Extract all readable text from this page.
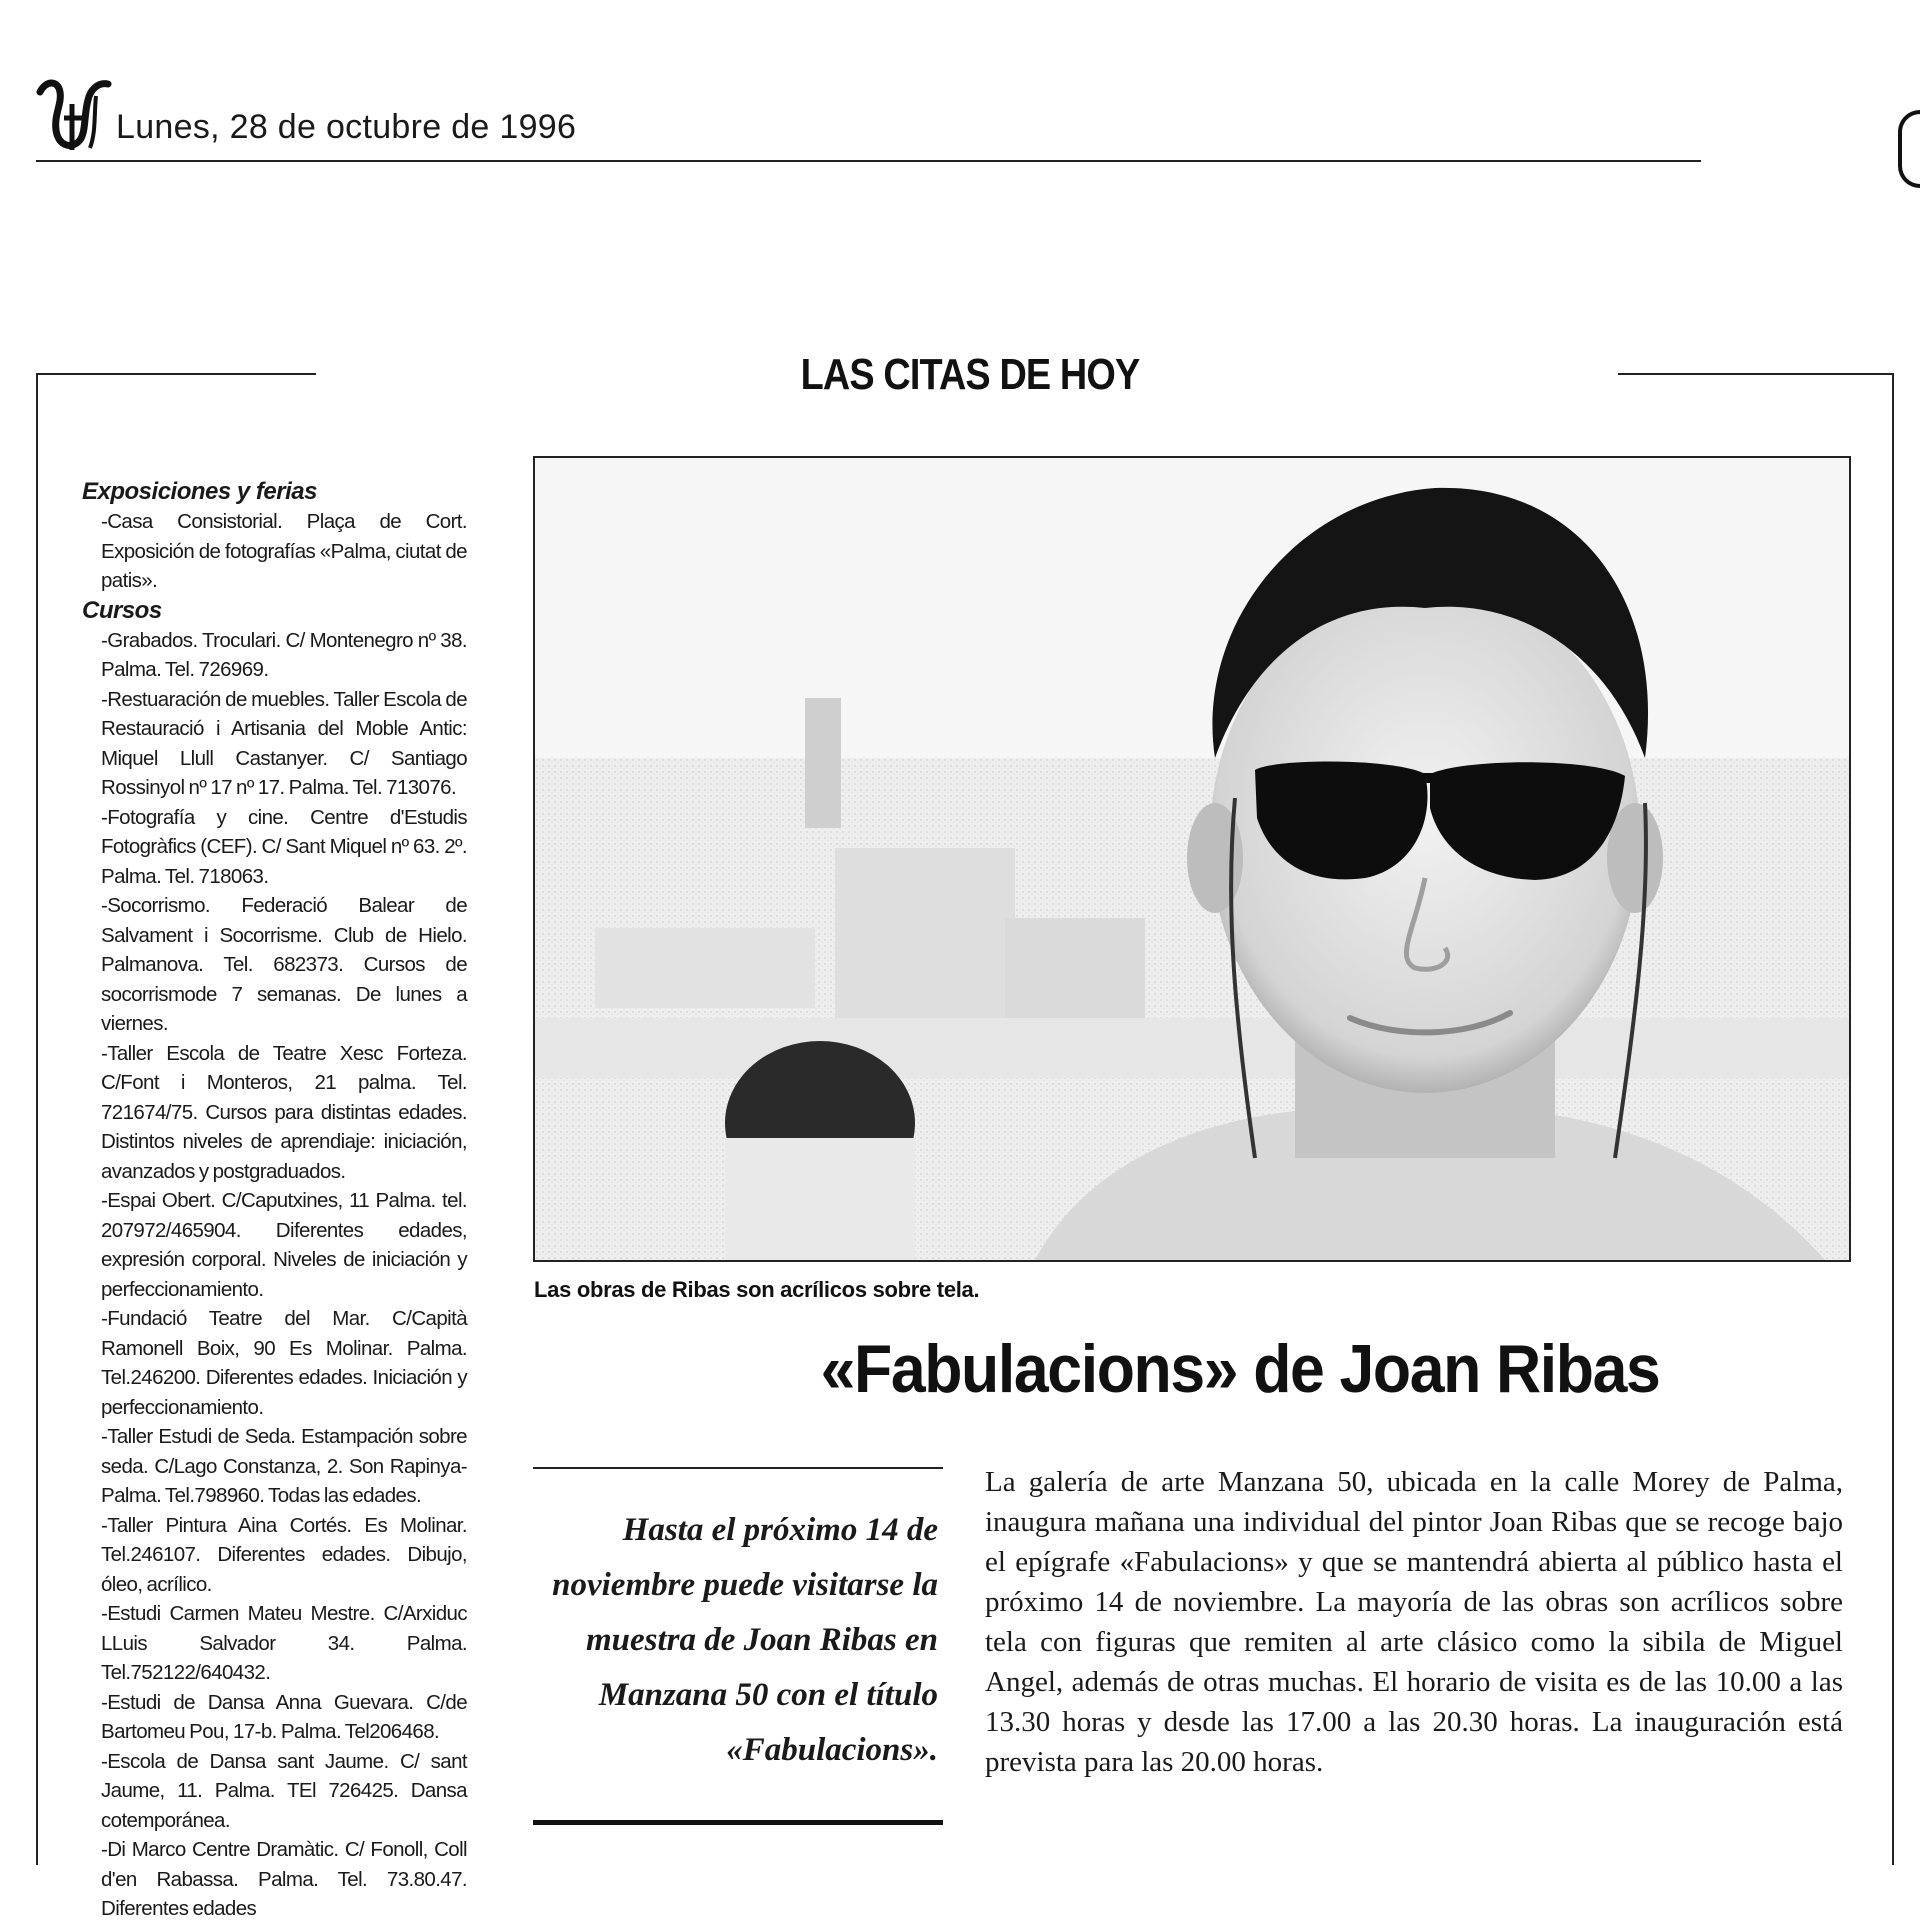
Lunes, 28 de octubre de 1996
LAS CITAS DE HOY
Exposiciones y ferias
-Casa Consistorial. Plaça de Cort. Exposición de fotografías «Palma, ciutat de patis».
Cursos
-Grabados. Troculari. C/ Montenegro nº 38. Palma. Tel. 726969.
-Restuaración de muebles. Taller Escola de Restauració i Artisania del Moble Antic: Miquel Llull Castanyer. C/ Santiago Rossinyol nº 17 nº 17. Palma. Tel. 713076.
-Fotografía y cine. Centre d'Estudis Fotogràfics (CEF). C/ Sant Miquel nº 63. 2º. Palma. Tel. 718063.
-Socorrismo. Federació Balear de Salvament i Socorrisme. Club de Hielo. Palmanova. Tel. 682373. Cursos de socorrismode 7 semanas. De lunes a viernes.
-Taller Escola de Teatre Xesc Forteza. C/Font i Monteros, 21 palma. Tel. 721674/75. Cursos para distintas edades. Distintos niveles de aprendiaje: iniciación, avanzados y postgraduados.
-Espai Obert. C/Caputxines, 11 Palma. tel. 207972/465904. Diferentes edades, expresión corporal. Niveles de iniciación y perfeccionamiento.
-Fundació Teatre del Mar. C/Capità Ramonell Boix, 90 Es Molinar. Palma. Tel.246200. Diferentes edades. Iniciación y perfeccionamiento.
-Taller Estudi de Seda. Estampación sobre seda. C/Lago Constanza, 2. Son Rapinya-Palma. Tel.798960. Todas las edades.
-Taller Pintura Aina Cortés. Es Molinar. Tel.246107. Diferentes edades. Dibujo, óleo, acrílico.
-Estudi Carmen Mateu Mestre. C/Arxiduc LLuis Salvador 34. Palma. Tel.752122/640432.
-Estudi de Dansa Anna Guevara. C/de Bartomeu Pou, 17-b. Palma. Tel206468.
-Escola de Dansa sant Jaume. C/ sant Jaume, 11. Palma. TEl 726425. Dansa cotemporánea.
-Di Marco Centre Dramàtic. C/ Fonoll, Coll d'en Rabassa. Palma. Tel. 73.80.47. Diferentes edades
Las obras de Ribas son acrílicos sobre tela.
«Fabulacions» de Joan Ribas
Hasta el próximo 14 de noviembre puede visitarse la muestra de Joan Ribas en Manzana 50 con el título «Fabulacions».
La galería de arte Manzana 50, ubicada en la calle Morey de Palma, inaugura mañana una individual del pintor Joan Ribas que se recoge bajo el epígrafe «Fabulacions» y que se mantendrá abierta al público hasta el próximo 14 de noviembre. La mayoría de las obras son acrílicos sobre tela con figuras que remiten al arte clásico como la sibila de Miguel Angel, además de otras muchas. El horario de visita es de las 10.00 a las 13.30 horas y desde las 17.00 a las 20.30 horas. La inauguración está prevista para las 20.00 horas.
